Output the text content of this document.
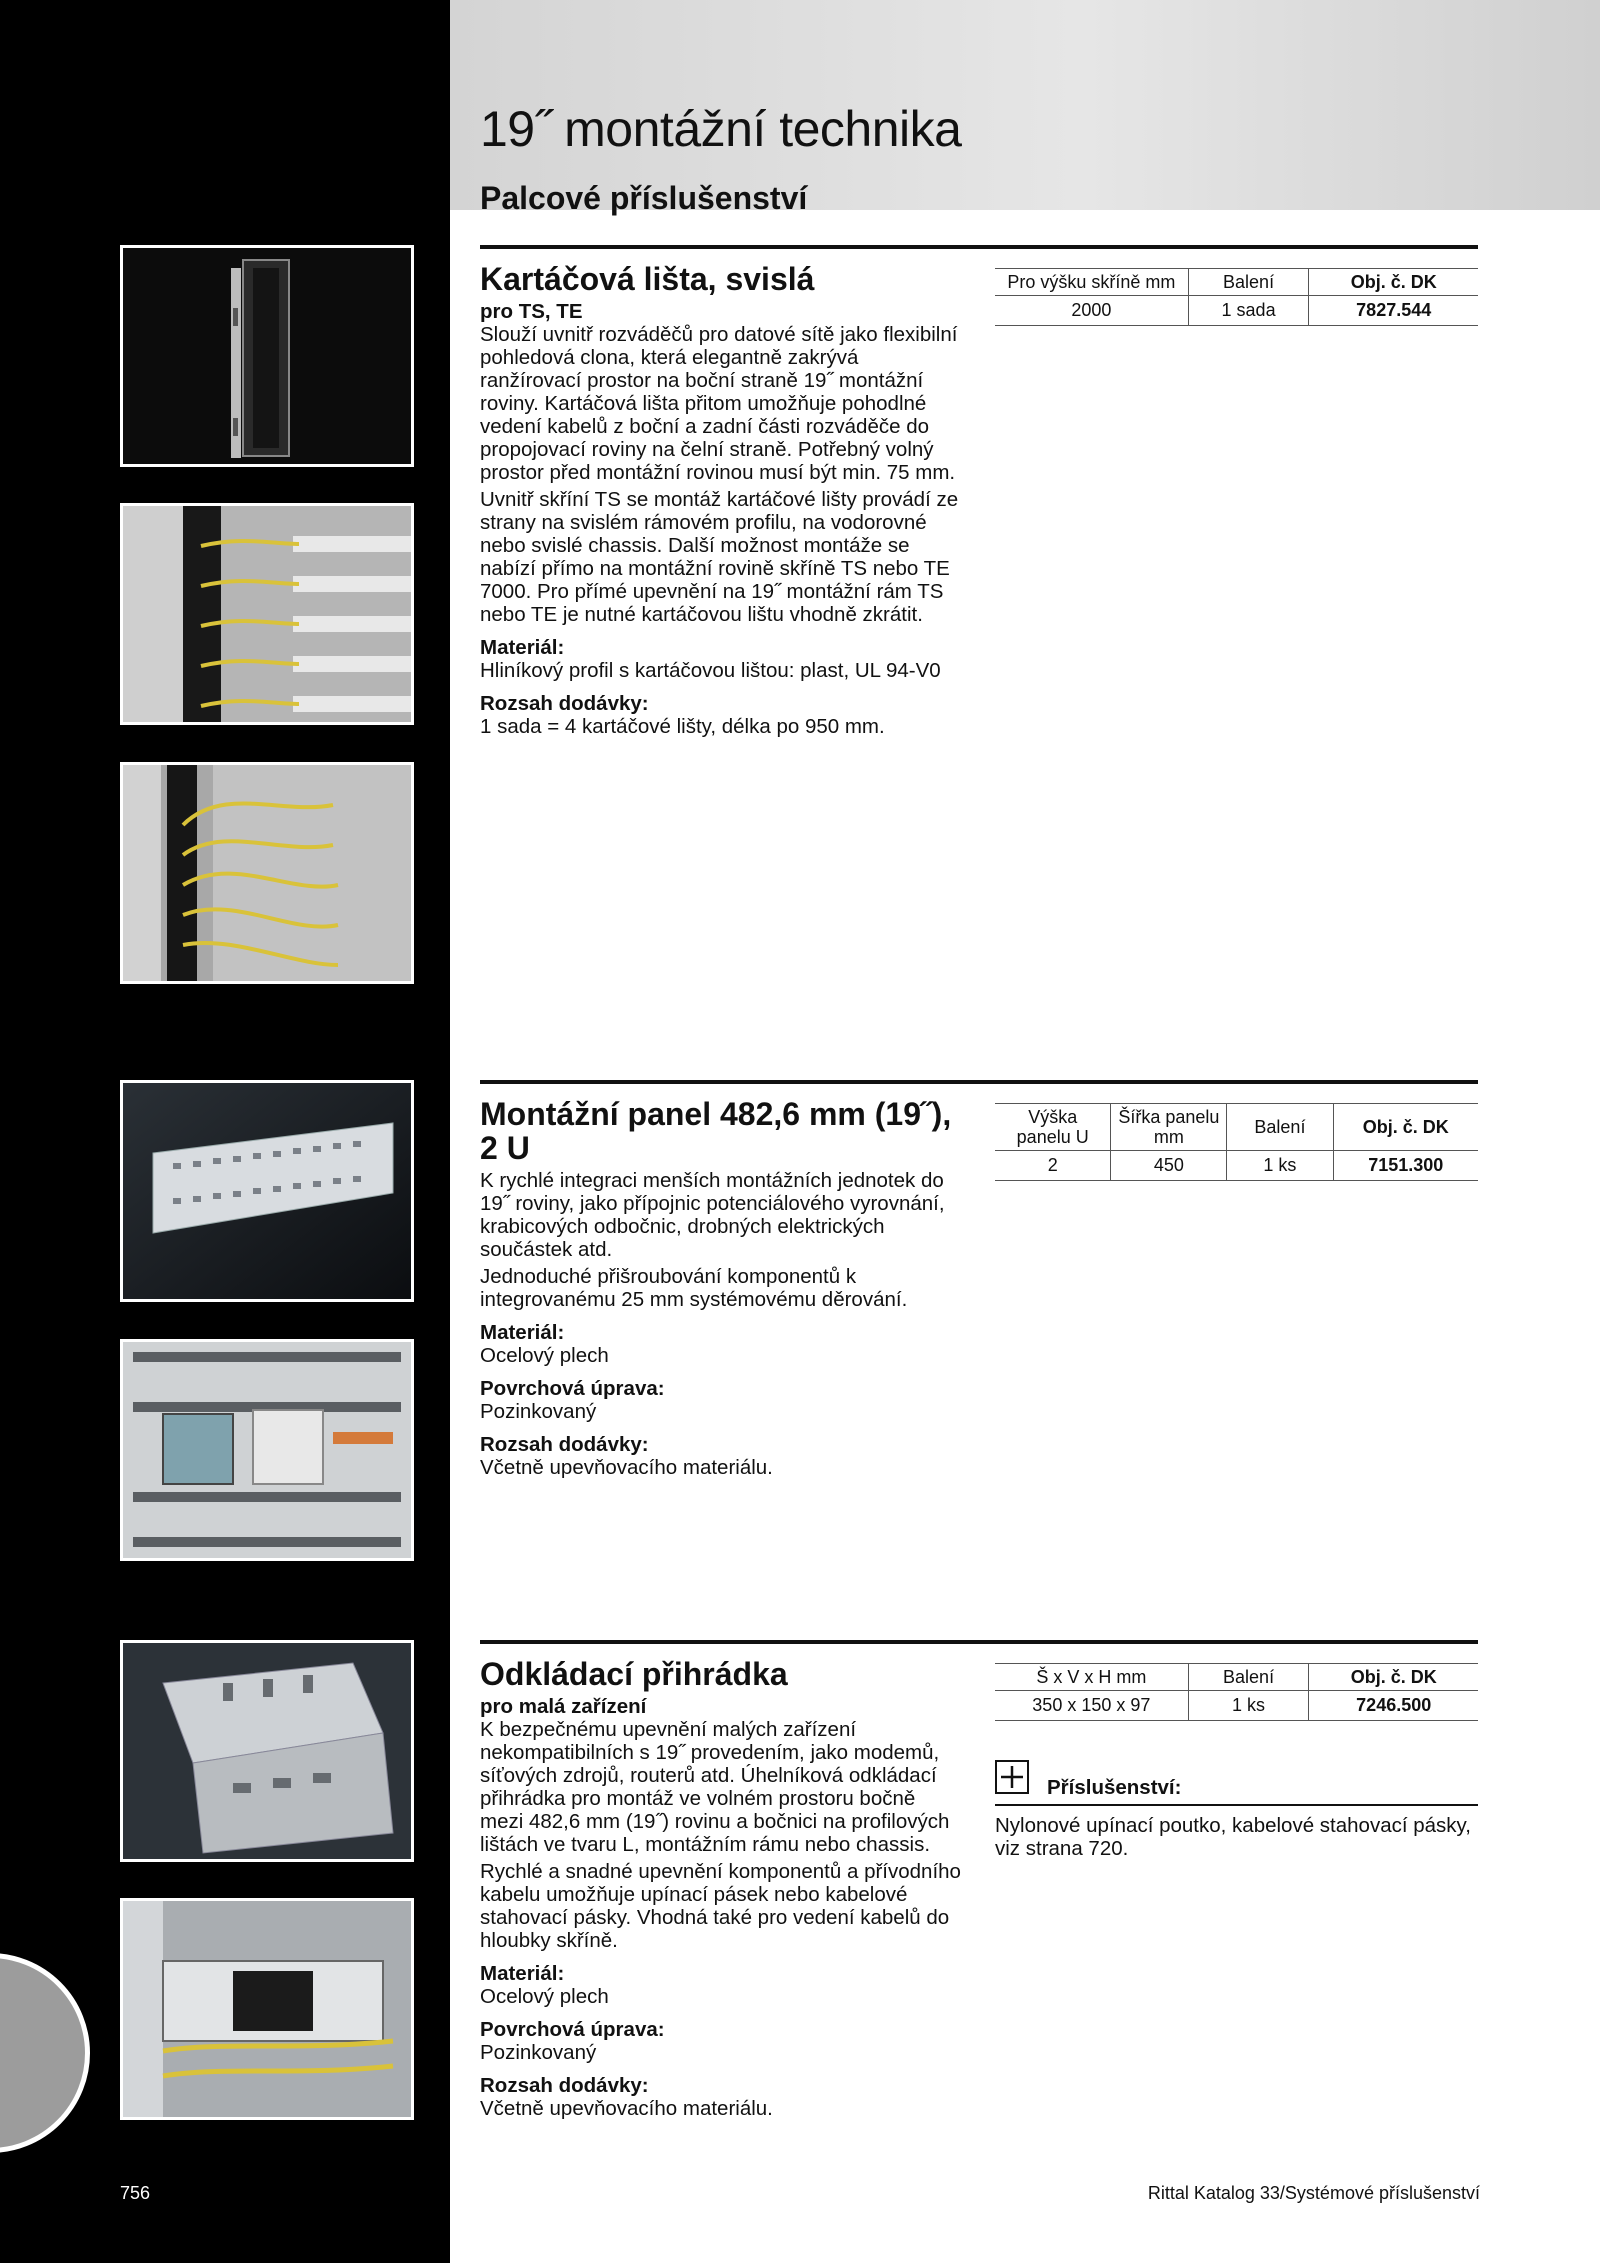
19˝ montážní technika
Palcové příslušenství
Kartáčová lišta, svislá
pro TS, TE

Slouží uvnitř rozváděčů pro datové sítě jako flexibilní pohledová clona, která elegantně zakrývá ranžírovací prostor na boční straně 19˝ montážní roviny. Kartáčová lišta přitom umožňuje pohodlné vedení kabelů z boční a zadní části rozváděče do propojovací roviny na čelní straně. Potřebný volný prostor před montážní rovinou musí být min. 75 mm.

Uvnitř skříní TS se montáž kartáčové lišty provádí ze strany na svislém rámovém profilu, na vodorovné nebo svislé chassis. Další možnost montáže se nabízí přímo na montážní rovině skříně TS nebo TE 7000. Pro přímé upevnění na 19˝ montážní rám TS nebo TE je nutné kartáčovou lištu vhodně zkrátit.

Materiál:
Hliníkový profil s kartáčovou lištou: plast, UL 94-V0
Rozsah dodávky:
1 sada = 4 kartáčové lišty, délka po 950 mm.
Pro výšku skříně mm	Balení	Obj. č. DK
2000	1 sada	7827.544
Montážní panel 482,6 mm (19˝), 2 U

K rychlé integraci menších montážních jednotek do 19˝ roviny, jako přípojnic potenciálového vyrovnání, krabicových odbočnic, drobných elektrických součástek atd.

Jednoduché přišroubování komponentů k integrovanému 25 mm systémovému děrování.

Materiál:
Ocelový plech
Povrchová úprava:
Pozinkovaný
Rozsah dodávky:
Včetně upevňovacího materiálu.
Výška panelu U	Šířka panelu mm	Balení	Obj. č. DK
2	450	1 ks	7151.300
Odkládací přihrádka
pro malá zařízení

K bezpečnému upevnění malých zařízení nekompatibilních s 19˝ provedením, jako modemů, síťových zdrojů, routerů atd. Úhelníková odkládací přihrádka pro montáž ve volném prostoru bočně mezi 482,6 mm (19˝) rovinu a bočnici na profilových lištách ve tvaru L, montážním rámu nebo chassis.

Rychlé a snadné upevnění komponentů a přívodního kabelu umožňuje upínací pásek nebo kabelové stahovací pásky. Vhodná také pro vedení kabelů do hloubky skříně.

Materiál:
Ocelový plech
Povrchová úprava:
Pozinkovaný
Rozsah dodávky:
Včetně upevňovacího materiálu.
Š x V x H mm	Balení	Obj. č. DK
350 x 150 x 97	1 ks	7246.500
Příslušenství:
Nylonové upínací poutko, kabelové stahovací pásky, viz strana 720.
756	Rittal Katalog 33/Systémové příslušenství
